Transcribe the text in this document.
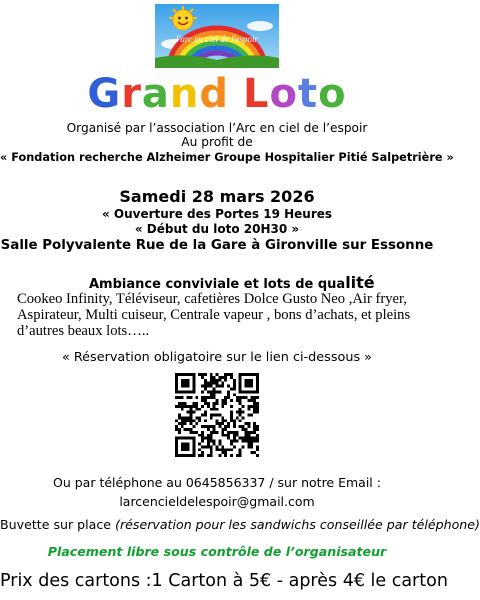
l'arc en ciel de l'espoir
Grand Loto
Organisé par l’association l’Arc en ciel de l’espoir
Au profit de
« Fondation recherche Alzheimer Groupe Hospitalier Pitié Salpetrière »
Samedi 28 mars 2026
« Ouverture des Portes 19 Heures
« Début du loto 20H30 »
Salle Polyvalente Rue de la Gare à Gironville sur Essonne
Ambiance conviviale et lots de qualité
Cookeo Infinity, Téléviseur, cafetières Dolce Gusto Neo ,Air fryer,
Aspirateur, Multi cuiseur, Centrale vapeur , bons d’achats, et pleins
d’autres beaux lots…..
« Réservation obligatoire sur le lien ci-dessous »
Ou par téléphone au 0645856337 / sur notre Email :
larcencieldelespoir@gmail.com
Buvette sur place (réservation pour les sandwichs conseillée par téléphone)
Placement libre sous contrôle de l’organisateur
Prix des cartons :1 Carton à 5€ - après 4€ le carton
